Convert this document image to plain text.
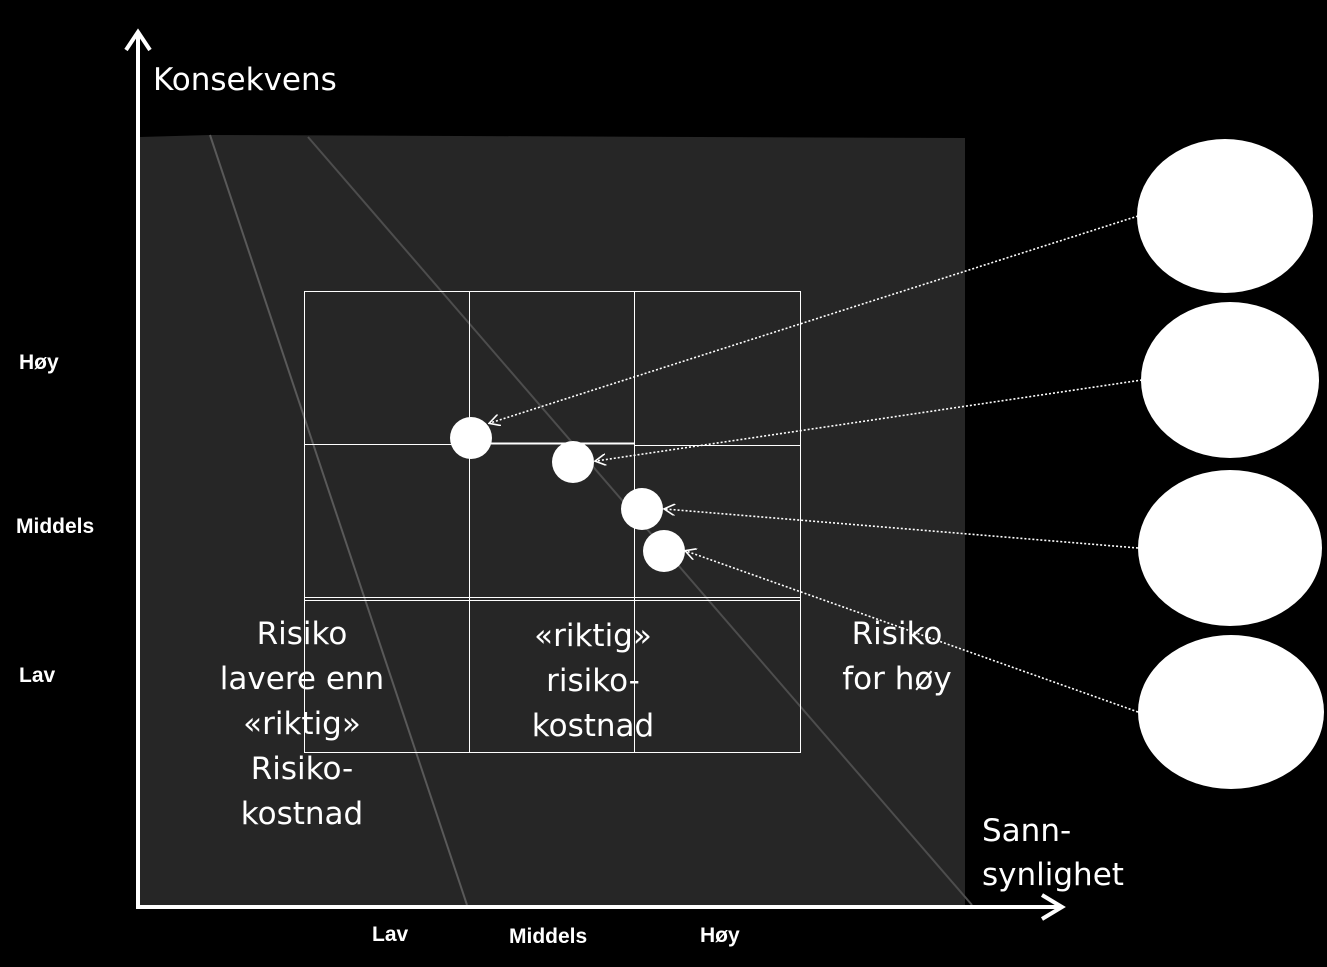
Konsekvens
Sann-
synlighet
Høy
Middels
Lav
Lav	Middels	Høy
Risiko
lavere enn
«riktig»
Risiko-
kostnad
«riktig»
risiko-
kostnad
Risiko
for høy
